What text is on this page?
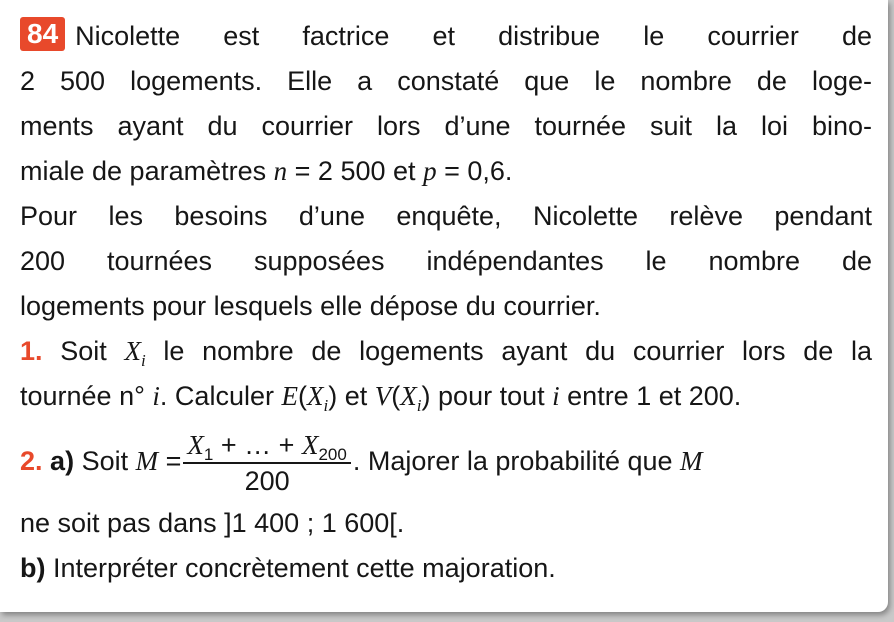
84 Nicolette est factrice et distribue le courrier de
2 500 logements. Elle a constaté que le nombre de loge-
ments ayant du courrier lors d’une tournée suit la loi bino-
miale de paramètres n = 2 500 et p = 0,6.
Pour les besoins d’une enquête, Nicolette relève pendant
200 tournées supposées indépendantes le nombre de
logements pour lesquels elle dépose du courrier.
1. Soit $X_i$ le nombre de logements ayant du courrier lors de la
tournée n° i. Calculer $E(X_i)$ et $V(X_i)$ pour tout i entre 1 et 200.
2. a) Soit $M = \frac{X_1 + \dots + X_{200}}{200}$ . Majorer la probabilité que M
ne soit pas dans ]1 400 ; 1 600[.
b) Interpréter concrètement cette majoration.
